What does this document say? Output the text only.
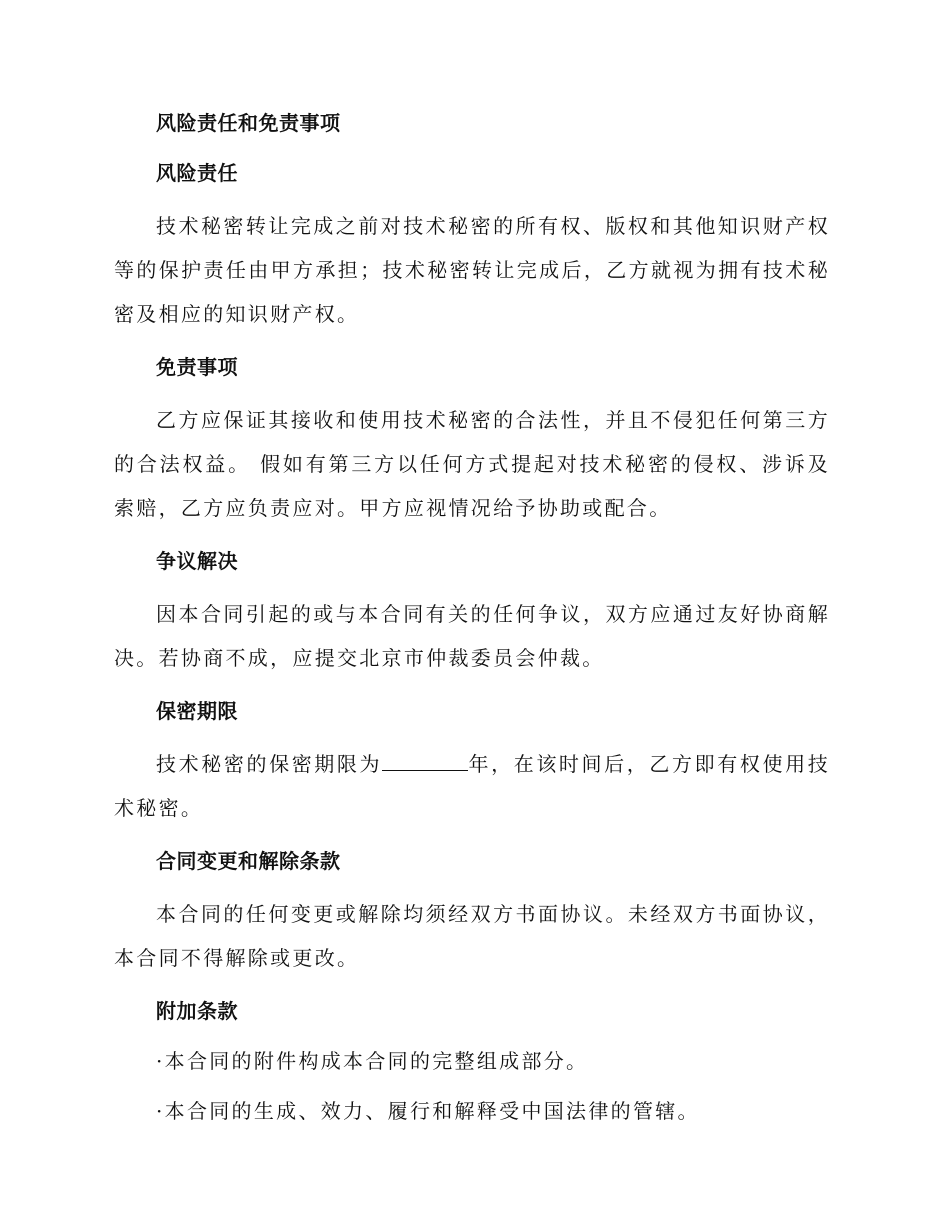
风险责任和免责事项
风险责任

技术秘密转让完成之前对技术秘密的所有权、版权和其他知识财产权等的保护责任由甲方承担；技术秘密转让完成后，乙方就视为拥有技术秘密及相应的知识财产权。

免责事项

乙方应保证其接收和使用技术秘密的合法性，并且不侵犯任何第三方的合法权益。 假如有第三方以任何方式提起对技术秘密的侵权、涉诉及索赔，乙方应负责应对。甲方应视情况给予协助或配合。

争议解决

因本合同引起的或与本合同有关的任何争议，双方应通过友好协商解决。若协商不成，应提交北京市仲裁委员会仲裁。

保密期限

技术秘密的保密期限为	年，在该时间后，乙方即有权使用技术秘密。

合同变更和解除条款

本合同的任何变更或解除均须经双方书面协议。未经双方书面协议，本合同不得解除或更改。

附加条款

·本合同的附件构成本合同的完整组成部分。

·本合同的生成、效力、履行和解释受中国法律的管辖。
